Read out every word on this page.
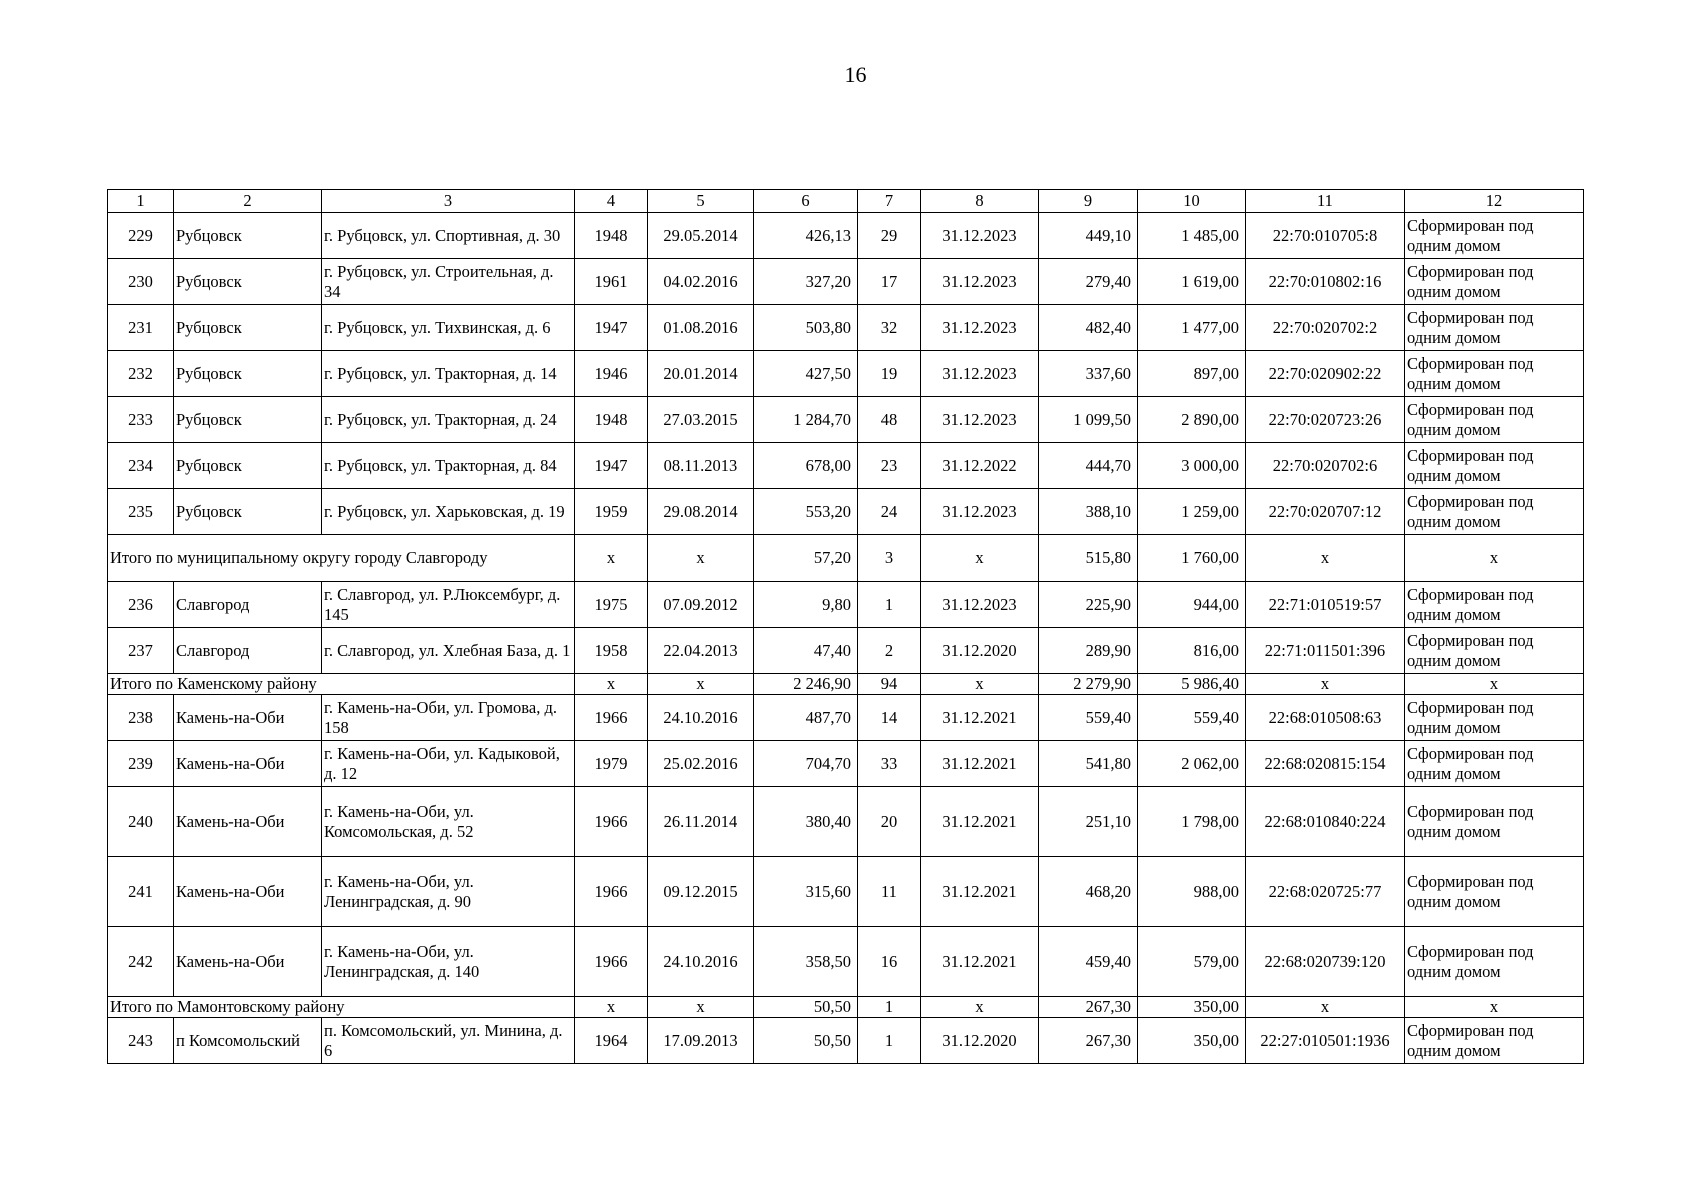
16
1	2	3	4	5	6	7	8	9	10	11	12
229	Рубцовск	г. Рубцовск, ул. Спортивная, д. 30	1948	29.05.2014	426,13	29	31.12.2023	449,10	1 485,00	22:70:010705:8	Сформирован под одним домом
230	Рубцовск	г. Рубцовск, ул. Строительная, д. 34	1961	04.02.2016	327,20	17	31.12.2023	279,40	1 619,00	22:70:010802:16	Сформирован под одним домом
231	Рубцовск	г. Рубцовск, ул. Тихвинская, д. 6	1947	01.08.2016	503,80	32	31.12.2023	482,40	1 477,00	22:70:020702:2	Сформирован под одним домом
232	Рубцовск	г. Рубцовск, ул. Тракторная, д. 14	1946	20.01.2014	427,50	19	31.12.2023	337,60	897,00	22:70:020902:22	Сформирован под одним домом
233	Рубцовск	г. Рубцовск, ул. Тракторная, д. 24	1948	27.03.2015	1 284,70	48	31.12.2023	1 099,50	2 890,00	22:70:020723:26	Сформирован под одним домом
234	Рубцовск	г. Рубцовск, ул. Тракторная, д. 84	1947	08.11.2013	678,00	23	31.12.2022	444,70	3 000,00	22:70:020702:6	Сформирован под одним домом
235	Рубцовск	г. Рубцовск, ул. Харьковская, д. 19	1959	29.08.2014	553,20	24	31.12.2023	388,10	1 259,00	22:70:020707:12	Сформирован под одним домом
Итого по муниципальному округу городу Славгороду			х	х	57,20	3	х	515,80	1 760,00	х	х
236	Славгород	г. Славгород, ул. Р.Люксембург, д. 145	1975	07.09.2012	9,80	1	31.12.2023	225,90	944,00	22:71:010519:57	Сформирован под одним домом
237	Славгород	г. Славгород, ул. Хлебная База, д. 1	1958	22.04.2013	47,40	2	31.12.2020	289,90	816,00	22:71:011501:396	Сформирован под одним домом
Итого по Каменскому району			х	х	2 246,90	94	х	2 279,90	5 986,40	х	х
238	Камень-на-Оби	г. Камень-на-Оби, ул. Громова, д. 158	1966	24.10.2016	487,70	14	31.12.2021	559,40	559,40	22:68:010508:63	Сформирован под одним домом
239	Камень-на-Оби	г. Камень-на-Оби, ул. Кадыковой, д. 12	1979	25.02.2016	704,70	33	31.12.2021	541,80	2 062,00	22:68:020815:154	Сформирован под одним домом
240	Камень-на-Оби	г. Камень-на-Оби, ул. Комсомольская, д. 52	1966	26.11.2014	380,40	20	31.12.2021	251,10	1 798,00	22:68:010840:224	Сформирован под одним домом
241	Камень-на-Оби	г. Камень-на-Оби, ул. Ленинградская, д. 90	1966	09.12.2015	315,60	11	31.12.2021	468,20	988,00	22:68:020725:77	Сформирован под одним домом
242	Камень-на-Оби	г. Камень-на-Оби, ул. Ленинградская, д. 140	1966	24.10.2016	358,50	16	31.12.2021	459,40	579,00	22:68:020739:120	Сформирован под одним домом
Итого по Мамонтовскому району			х	х	50,50	1	х	267,30	350,00	х	х
243	п Комсомольский	п. Комсомольский, ул. Минина, д. 6	1964	17.09.2013	50,50	1	31.12.2020	267,30	350,00	22:27:010501:1936	Сформирован под одним домом
